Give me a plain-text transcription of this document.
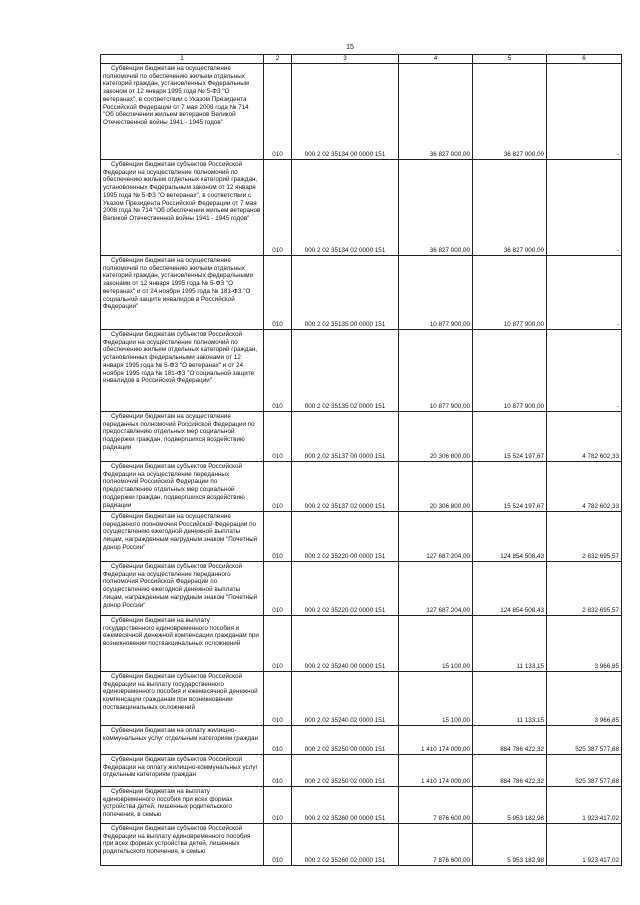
15
1	2	3	4	5	6

Субвенции бюджетам на осуществление полномочий по обеспечению жильем отдельных категорий граждан, установленных Федеральным законом от 12 января 1995 года № 5-ФЗ "О ветеранах", в соответствии с Указом Президента Российской Федерации от 7 мая 2008 года № 714 "Об обеспечении жильем ветеранов Великой Отечественной войны 1941 - 1945 годов"	010	000 2 02 35134 00 0000 151	36 827 000,00	36 827 000,00	-

Субвенции бюджетам субъектов Российской Федерации на осуществление полномочий по обеспечению жильем отдельных категорий граждан, установленных Федеральным законом от 12 января 1995 года № 5-ФЗ "О ветеранах", в соответствии с Указом Президента Российской Федерации от 7 мая 2008 года № 714 "Об обеспечении жильем ветеранов Великой Отечественной войны 1941 - 1945 годов"	010	000 2 02 35134 02 0000 151	36 827 000,00	36 827 000,00	-

Субвенции бюджетам на осуществление полномочий по обеспечению жильем отдельных категорий граждан, установленных федеральными законами от 12 января 1995 года № 5-ФЗ "О ветеранах" и от 24 ноября 1995 года № 181-ФЗ "О социальной защите инвалидов в Российской Федерации"	010	000 2 02 35135 00 0000 151	10 877 900,00	10 877 900,00	-

Субвенции бюджетам субъектов Российской Федерации на осуществление полномочий по обеспечению жильем отдельных категорий граждан, установленных федеральными законами от 12 января 1995 года № 5-ФЗ "О ветеранах" и от 24 ноября 1995 года № 181-ФЗ "О социальной защите инвалидов в Российской Федерации"	010	000 2 02 35135 02 0000 151	10 877 900,00	10 877 900,00	-

Субвенции бюджетам на осуществление переданных полномочий Российской Федерации по предоставлению отдельных мер социальной поддержки граждан, подвергшихся воздействию радиации	010	000 2 02 35137 00 0000 151	20 306 800,00	15 524 197,67	4 782 602,33

Субвенции бюджетам субъектов Российской Федерации на осуществление переданных полномочий Российской Федерации по предоставлению отдельных мер социальной поддержки граждан, подвергшихся воздействию радиации	010	000 2 02 35137 02 0000 151	20 306 800,00	15 524 197,67	4 782 602,33

Субвенции бюджетам на осуществление переданного полномочия Российской Федерации по осуществлению ежегодной денежной выплаты лицам, награжденным нагрудным знаком "Почетный донор России"	010	000 2 02 35220 00 0000 151	127 687 204,00	124 854 508,43	2 832 695,57

Субвенции бюджетам субъектов Российской Федерации на осуществление переданного полномочия Российской Федерации по осуществлению ежегодной денежной выплаты лицам, награжденным нагрудным знаком "Почетный донор России"	010	000 2 02 35220 02 0000 151	127 687 204,00	124 854 508,43	2 832 695,57

Субвенции бюджетам на выплату государственного единовременного пособия и ежемесячной денежной компенсации гражданам при возникновении поствакцинальных осложнений	010	000 2 02 35240 00 0000 151	15 100,00	11 133,15	3 966,85

Субвенции бюджетам субъектов Российской Федерации на выплату государственного единовременного пособия и ежемесячной денежной компенсации гражданам при возникновении поствакцинальных осложнений	010	000 2 02 35240 02 0000 151	15 100,00	11 133,15	3 966,85

Субвенции бюджетам на оплату жилищно-коммунальных услуг отдельным категориям граждан	010	000 2 02 35250 00 0000 151	1 410 174 000,00	884 786 422,32	525 387 577,68

Субвенции бюджетам субъектов Российской Федерации на оплату жилищно-коммунальных услуг отдельным категориям граждан	010	000 2 02 35250 02 0000 151	1 410 174 000,00	884 786 422,32	525 387 577,68

Субвенции бюджетам на выплату единовременного пособия при всех формах устройства детей, лишенных родительского попечения, в семью	010	000 2 02 35260 00 0000 151	7 876 600,00	5 953 182,98	1 923 417,02

Субвенции бюджетам субъектов Российской Федерации на выплату единовременного пособия при всех формах устройства детей, лишенных родительского попечения, в семью	010	000 2 02 35260 02 0000 151	7 876 600,00	5 953 182,98	1 923 417,02
